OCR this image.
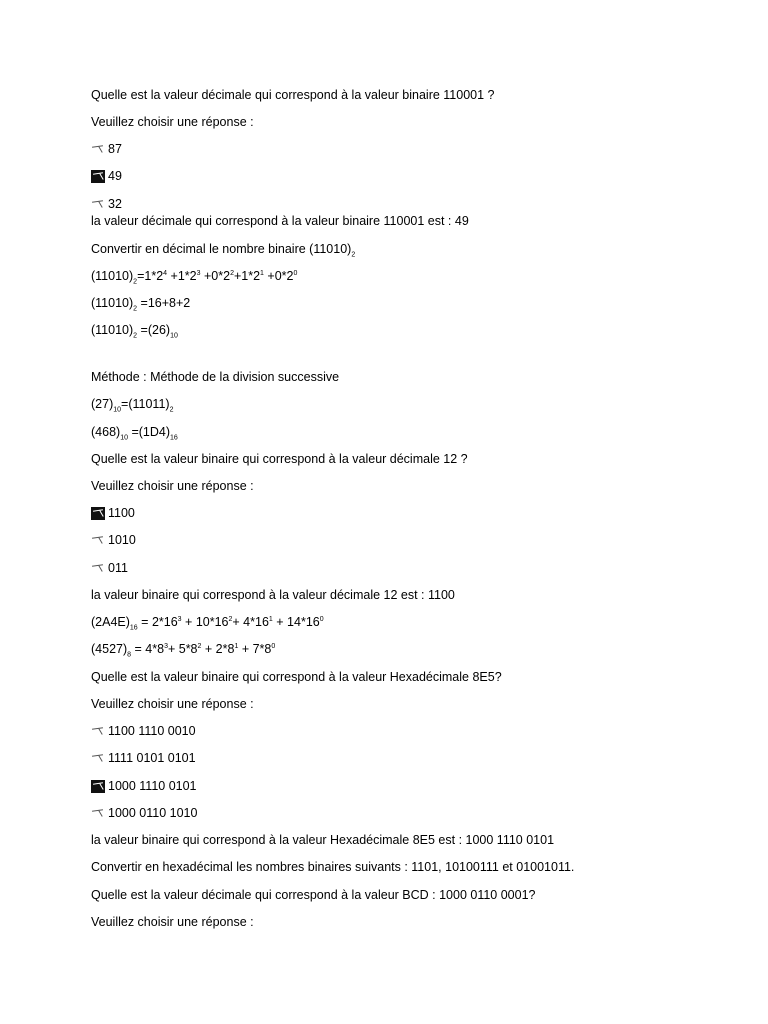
Quelle est la valeur décimale qui correspond à la valeur binaire 110001 ?
Veuillez choisir une réponse :
87
49
32
la valeur décimale qui correspond à la valeur binaire 110001 est : 49
Convertir en décimal le nombre binaire $(11010)_2$
$(11010)_2=1*2^4 +1*2^3 +0*2^2+1*2^1 +0*2^0$
$(11010)_2 =16+8+2$
$(11010)_2 =(26)_{10}$
Méthode : Méthode de la division successive
$(27)_{10}=(11011)_2$
$(468)_{10} =(1D4)_{16}$
Quelle est la valeur binaire qui correspond à la valeur décimale 12 ?
Veuillez choisir une réponse :
1100
1010
011
la valeur binaire qui correspond à la valeur décimale 12 est : 1100
$(2A4E)_{16} = 2*16^3 + 10*16^2+ 4*16^1 + 14*16^0$
$(4527)_8 = 4*8^3+ 5*8^2 + 2*8^1 + 7*8^0$
Quelle est la valeur binaire qui correspond à la valeur Hexadécimale 8E5?
Veuillez choisir une réponse :
1100 1110 0010
1111 0101 0101
1000 1110 0101
1000 0110 1010
la valeur binaire qui correspond à la valeur Hexadécimale 8E5 est : 1000 1110 0101
Convertir en hexadécimal les nombres binaires suivants : 1101, 10100111 et 01001011.
Quelle est la valeur décimale qui correspond à la valeur BCD : 1000 0110 0001?
Veuillez choisir une réponse :
